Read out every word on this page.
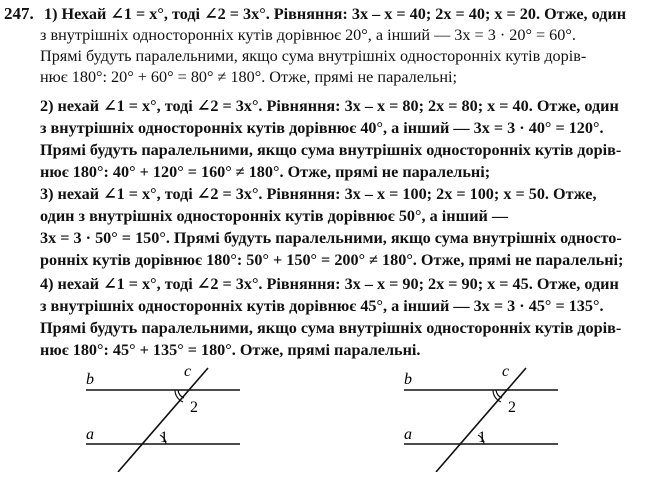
247. 1) Нехай ∠1 = x°, тоді ∠2 = 3x°. Рівняння: 3x – x = 40; 2x = 40; x = 20. Отже, один
з внутрішніх односторонніх кутів дорівнює 20°, а інший — 3x = 3 · 20° = 60°.
Прямі будуть паралельними, якщо сума внутрішніх односторонніх кутів дорів-
нює 180°: 20° + 60° = 80° ≠ 180°. Отже, прямі не паралельні;
2) нехай ∠1 = x°, тоді ∠2 = 3x°. Рівняння: 3x – x = 80; 2x = 80; x = 40. Отже, один
з внутрішніх односторонніх кутів дорівнює 40°, а інший — 3x = 3 · 40° = 120°.
Прямі будуть паралельними, якщо сума внутрішніх односторонніх кутів дорів-
нює 180°: 40° + 120° = 160° ≠ 180°. Отже, прямі не паралельні;
3) нехай ∠1 = x°, тоді ∠2 = 3x°. Рівняння: 3x – x = 100; 2x = 100; x = 50. Отже,
один з внутрішніх односторонніх кутів дорівнює 50°, а інший —
3x = 3 · 50° = 150°. Прямі будуть паралельними, якщо сума внутрішніх односто-
ронніх кутів дорівнює 180°: 50° + 150° = 200° ≠ 180°. Отже, прямі не паралельні;
4) нехай ∠1 = x°, тоді ∠2 = 3x°. Рівняння: 3x – x = 90; 2x = 90; x = 45. Отже, один
з внутрішніх односторонніх кутів дорівнює 45°, а інший — 3x = 3 · 45° = 135°.
Прямі будуть паралельними, якщо сума внутрішніх односторонніх кутів дорів-
нює 180°: 45° + 135° = 180°. Отже, прямі паралельні.
b
a
c
2
1
b
a
c
2
1
